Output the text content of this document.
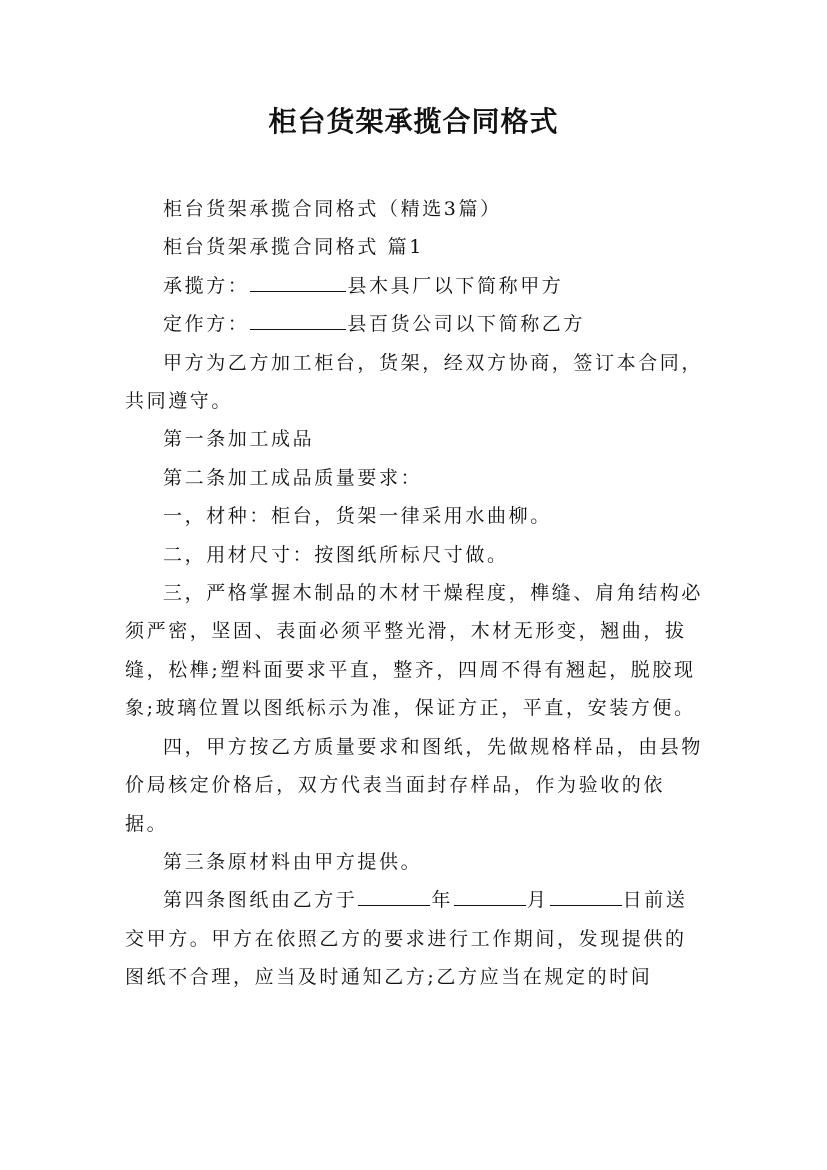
柜台货架承揽合同格式

柜台货架承揽合同格式（精选3篇）

柜台货架承揽合同格式 篇1

承揽方：	县木具厂以下简称甲方

定作方：	县百货公司以下简称乙方

甲方为乙方加工柜台，货架，经双方协商，签订本合同，共同遵守。

第一条加工成品

第二条加工成品质量要求：

一，材种：柜台，货架一律采用水曲柳。

二，用材尺寸：按图纸所标尺寸做。

三，严格掌握木制品的木材干燥程度，榫缝、肩角结构必须严密，坚固、表面必须平整光滑，木材无形变，翘曲，拔缝，松榫;塑料面要求平直，整齐，四周不得有翘起，脱胶现象;玻璃位置以图纸标示为准，保证方正，平直，安装方便。

四，甲方按乙方质量要求和图纸，先做规格样品，由县物价局核定价格后，双方代表当面封存样品，作为验收的依据。

第三条原材料由甲方提供。

第四条图纸由乙方于	年	月	日前送交甲方。甲方在依照乙方的要求进行工作期间，发现提供的图纸不合理，应当及时通知乙方;乙方应当在规定的时间
